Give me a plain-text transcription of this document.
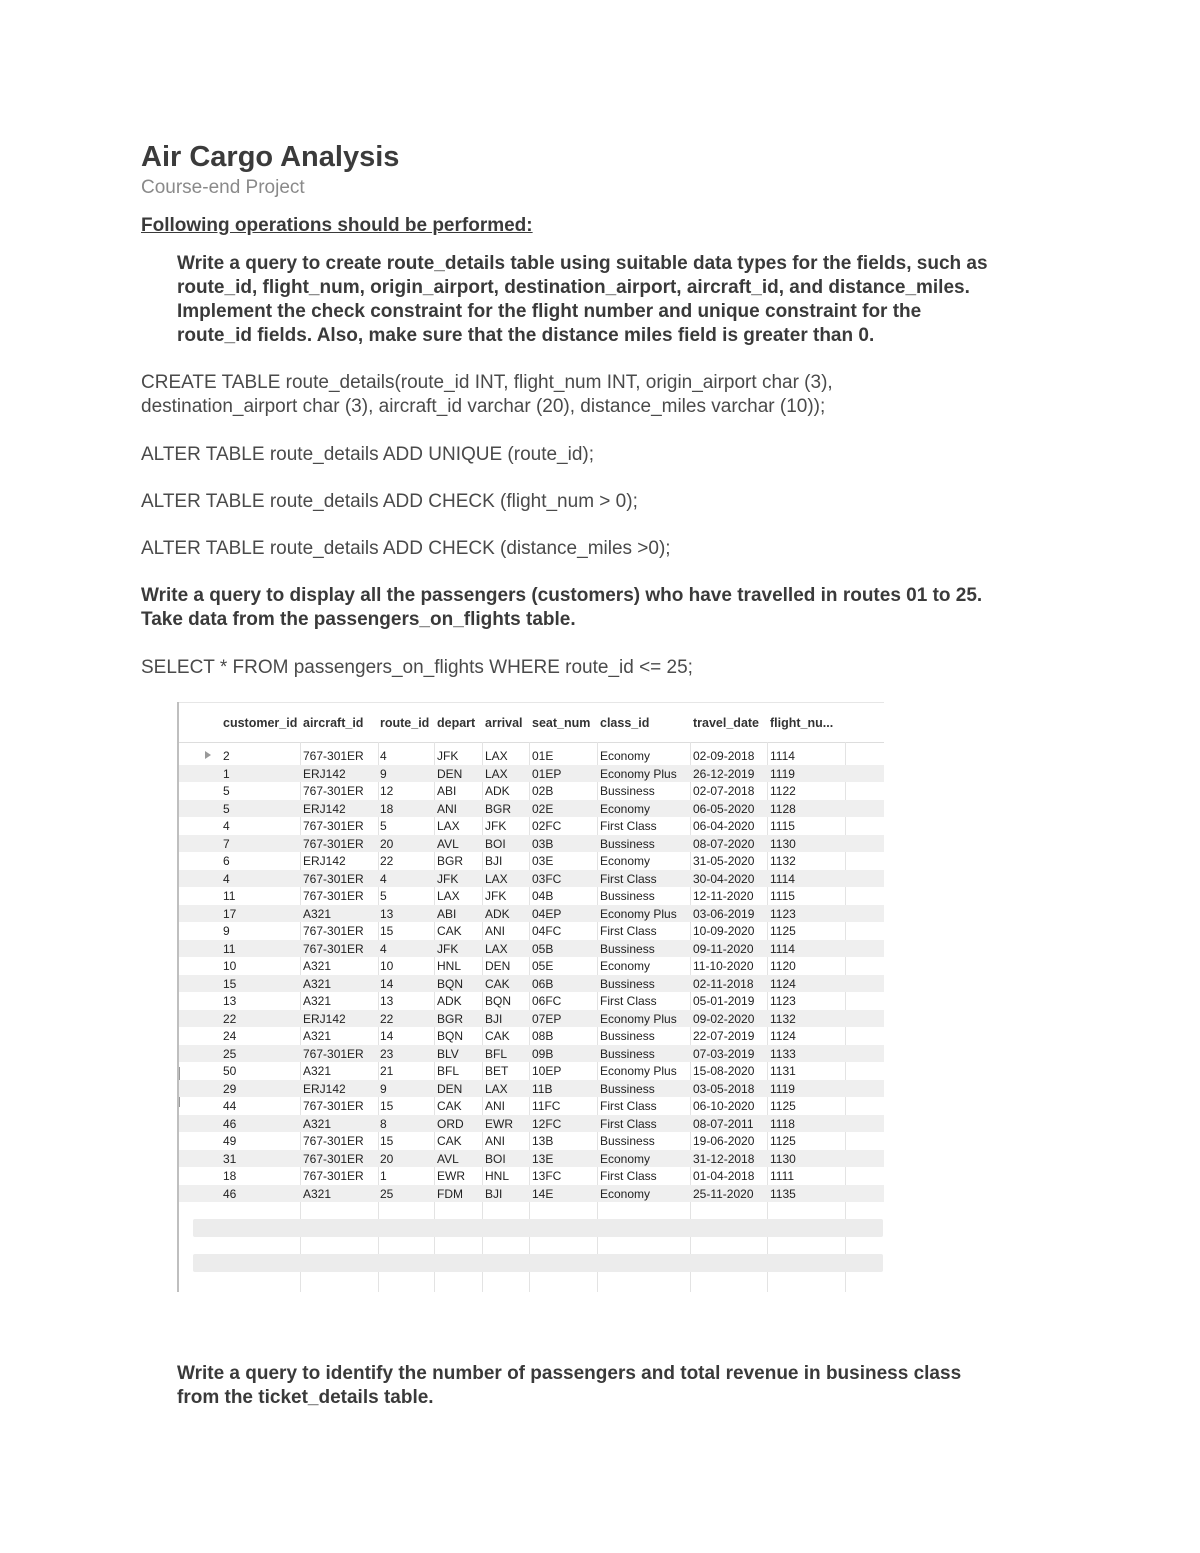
Air Cargo Analysis
Course-end Project
Following operations should be performed:
Write a query to create route_details table using suitable data types for the fields, such as
route_id, flight_num, origin_airport, destination_airport, aircraft_id, and distance_miles.
Implement the check constraint for the flight number and unique constraint for the
route_id fields. Also, make sure that the distance miles field is greater than 0.
CREATE TABLE route_details(route_id INT, flight_num INT, origin_airport char (3),
destination_airport char (3), aircraft_id varchar (20), distance_miles varchar (10));
ALTER TABLE route_details ADD UNIQUE (route_id);
ALTER TABLE route_details ADD CHECK (flight_num > 0);
ALTER TABLE route_details ADD CHECK (distance_miles >0);
Write a query to display all the passengers (customers) who have travelled in routes 01 to 25.
Take data from the passengers_on_flights table.
SELECT * FROM passengers_on_flights WHERE route_id <= 25;
customer_id aircraft_id	route_id depart arrival seat_num class_id	travel_date flight_nu...
2	767-301ER	4	JFK	LAX	01E	Economy	02-09-2018	1114
1	ERJ142	9	DEN	LAX	01EP	Economy Plus	26-12-2019	1119
5	767-301ER	12	ABI	ADK	02B	Bussiness	02-07-2018	1122
5	ERJ142	18	ANI	BGR	02E	Economy	06-05-2020	1128
4	767-301ER	5	LAX	JFK	02FC	First Class	06-04-2020	1115
7	767-301ER	20	AVL	BOI	03B	Bussiness	08-07-2020	1130
6	ERJ142	22	BGR	BJI	03E	Economy	31-05-2020	1132
4	767-301ER	4	JFK	LAX	03FC	First Class	30-04-2020	1114
11	767-301ER	5	LAX	JFK	04B	Bussiness	12-11-2020	1115
17	A321	13	ABI	ADK	04EP	Economy Plus	03-06-2019	1123
9	767-301ER	15	CAK	ANI	04FC	First Class	10-09-2020	1125
11	767-301ER	4	JFK	LAX	05B	Bussiness	09-11-2020	1114
10	A321	10	HNL	DEN	05E	Economy	11-10-2020	1120
15	A321	14	BQN	CAK	06B	Bussiness	02-11-2018	1124
13	A321	13	ADK	BQN	06FC	First Class	05-01-2019	1123
22	ERJ142	22	BGR	BJI	07EP	Economy Plus	09-02-2020	1132
24	A321	14	BQN	CAK	08B	Bussiness	22-07-2019	1124
25	767-301ER	23	BLV	BFL	09B	Bussiness	07-03-2019	1133
50	A321	21	BFL	BET	10EP	Economy Plus	15-08-2020	1131
29	ERJ142	9	DEN	LAX	11B	Bussiness	03-05-2018	1119
44	767-301ER	15	CAK	ANI	11FC	First Class	06-10-2020	1125
46	A321	8	ORD	EWR	12FC	First Class	08-07-2011	1118
49	767-301ER	15	CAK	ANI	13B	Bussiness	19-06-2020	1125
31	767-301ER	20	AVL	BOI	13E	Economy	31-12-2018	1130
18	767-301ER	1	EWR	HNL	13FC	First Class	01-04-2018	1111
46	A321	25	FDM	BJI	14E	Economy	25-11-2020	1135
Write a query to identify the number of passengers and total revenue in business class
from the ticket_details table.
